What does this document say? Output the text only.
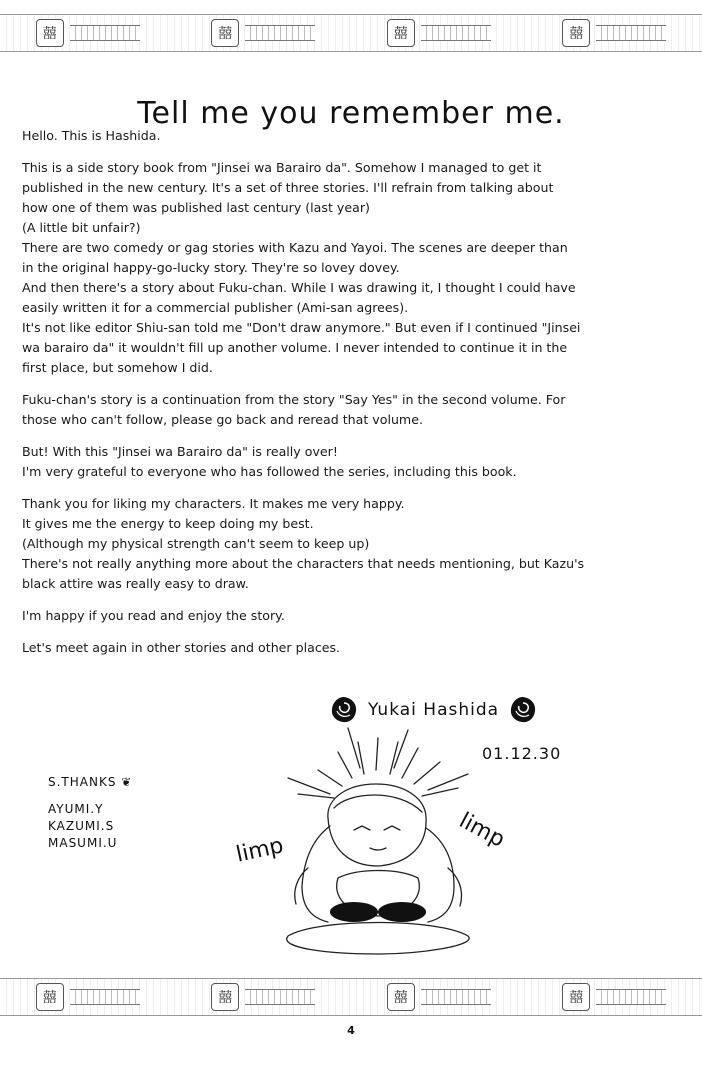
囍	囍	囍	囍
Tell me you remember me.

Hello. This is Hashida.

This is a side story book from "Jinsei wa Barairo da". Somehow I managed to get it
published in the new century. It's a set of three stories. I'll refrain from talking about
how one of them was published last century (last year)
(A little bit unfair?)
There are two comedy or gag stories with Kazu and Yayoi. The scenes are deeper than
in the original happy-go-lucky story. They're so lovey dovey.
And then there's a story about Fuku-chan. While I was drawing it, I thought I could have
easily written it for a commercial publisher (Ami-san agrees).
It's not like editor Shiu-san told me "Don't draw anymore." But even if I continued "Jinsei
wa barairo da" it wouldn't fill up another volume. I never intended to continue it in the
first place, but somehow I did.

Fuku-chan's story is a continuation from the story "Say Yes" in the second volume. For
those who can't follow, please go back and reread that volume.

But! With this "Jinsei wa Barairo da" is really over!
I'm very grateful to everyone who has followed the series, including this book.

Thank you for liking my characters. It makes me very happy.
It gives me the energy to keep doing my best.
(Although my physical strength can't seem to keep up)
There's not really anything more about the characters that needs mentioning, but Kazu's
black attire was really easy to draw.

I'm happy if you read and enjoy the story.

Let's meet again in other stories and other places.

Yukai Hashida
01.12.30
S.THANKS ❦
AYUMI.Y
KAZUMI.S
MASUMI.U	limp	limp
囍	囍	囍	囍
4
